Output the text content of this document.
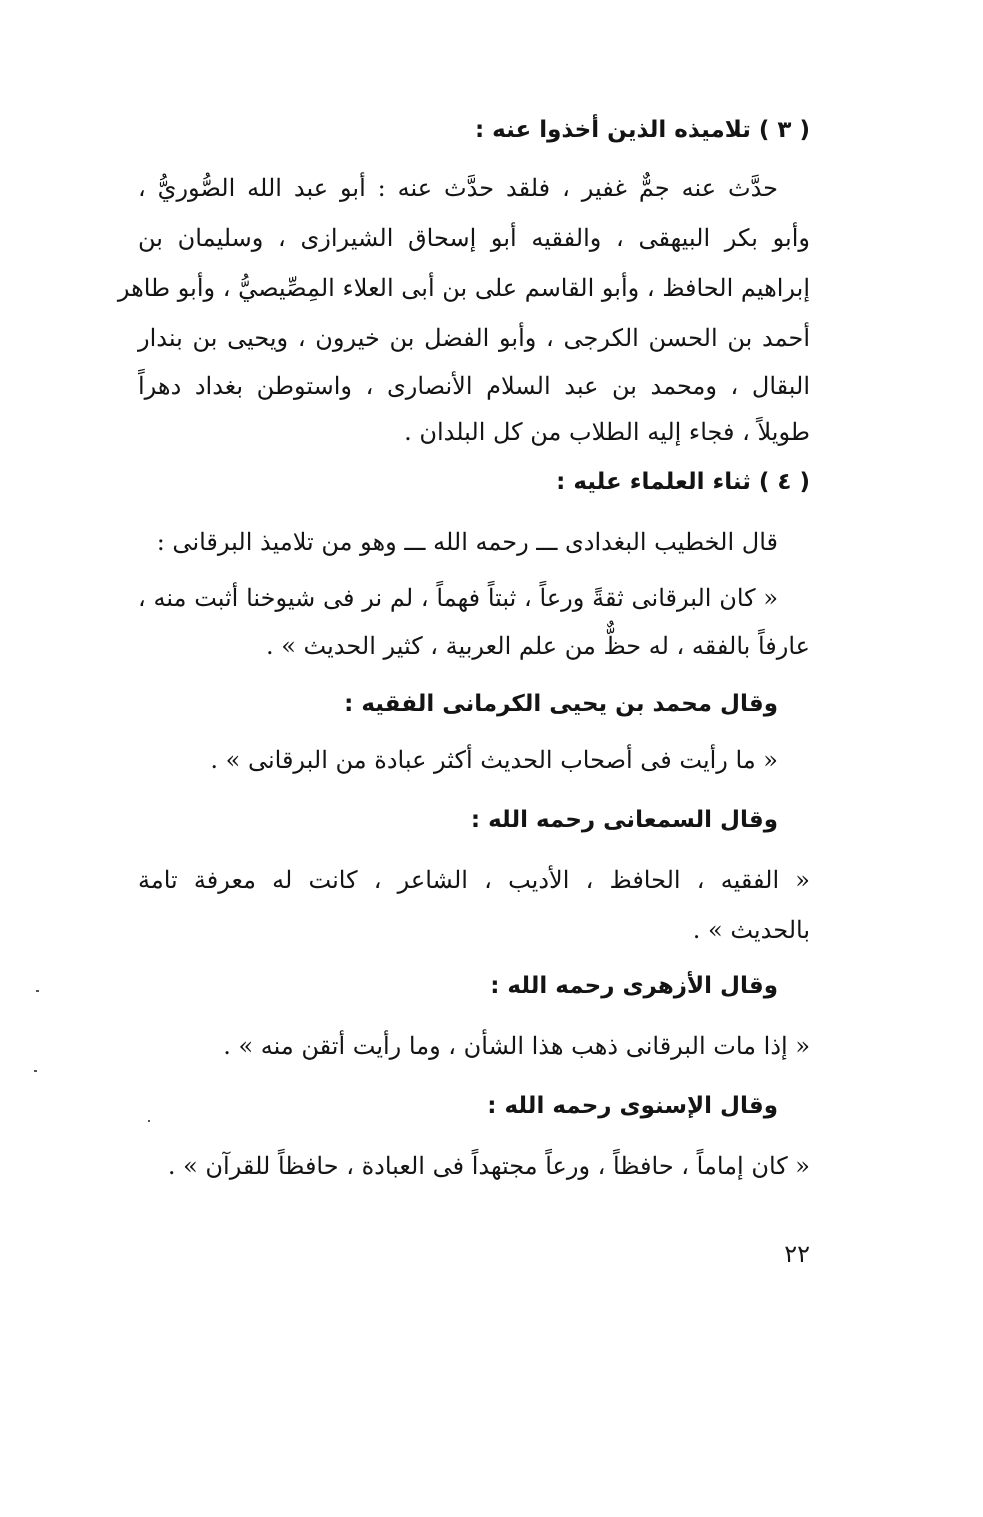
( ٣ ) تلاميذه الذين أخذوا عنه :
حدَّث عنه جمٌّ غفير ، فلقد حدَّث عنه : أبو عبد الله الصُّوريُّ ،
وأبو بكر البيهقى ، والفقيه أبو إسحاق الشيرازى ، وسليمان بن
إبراهيم الحافظ ، وأبو القاسم على بن أبى العلاء المِصِّيصيُّ ، وأبو طاهر
أحمد بن الحسن الكرجى ، وأبو الفضل بن خيرون ، ويحيى بن بندار
البقال ، ومحمد بن عبد السلام الأنصارى ، واستوطن بغداد دهراً
طويلاً ، فجاء إليه الطلاب من كل البلدان .
( ٤ ) ثناء العلماء عليه :
قال الخطيب البغدادى ـــ رحمه الله ـــ وهو من تلاميذ البرقانى :
« كان البرقانى ثقةً ورعاً ، ثبتاً فهماً ، لم نر فى شيوخنا أثبت منه ،
عارفاً بالفقه ، له حظٌّ من علم العربية ، كثير الحديث » .
وقال محمد بن يحيى الكرمانى الفقيه :
« ما رأيت فى أصحاب الحديث أكثر عبادة من البرقانى » .
وقال السمعانى رحمه الله :
« الفقيه ، الحافظ ، الأديب ، الشاعر ، كانت له معرفة تامة
بالحديث » .
وقال الأزهرى رحمه الله :
« إذا مات البرقانى ذهب هذا الشأن ، وما رأيت أتقن منه » .
وقال الإسنوى رحمه الله :
« كان إماماً ، حافظاً ، ورعاً مجتهداً فى العبادة ، حافظاً للقرآن » .
٢٢
